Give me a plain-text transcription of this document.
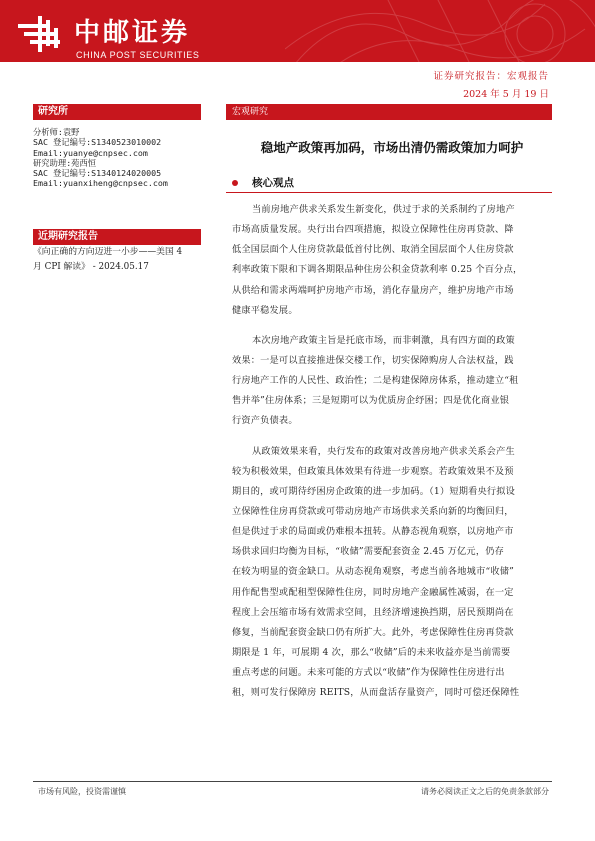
中邮证券
CHINA POST SECURITIES
证券研究报告：宏观报告
2024 年 5 月 19 日
研究所
分析师:袁野
SAC 登记编号:S1340523010002
Email:yuanye@cnpsec.com
研究助理:苑西恒
SAC 登记编号:S1340124020005
Email:yuanxiheng@cnpsec.com
近期研究报告
《向正确的方向迈进一小步——美国 4
月 CPI 解读》 - 2024.05.17
宏观研究
稳地产政策再加码，市场出清仍需政策加力呵护
核心观点
当前房地产供求关系发生新变化，供过于求的关系制约了房地产
市场高质量发展。央行出台四项措施，拟设立保障性住房再贷款、降
低全国层面个人住房贷款最低首付比例、取消全国层面个人住房贷款
利率政策下限和下调各期限品种住房公积金贷款利率 0.25 个百分点，
从供给和需求两端呵护房地产市场，消化存量房产，维护房地产市场
健康平稳发展。
本次房地产政策主旨是托底市场，而非刺激，具有四方面的政策
效果：一是可以直接推进保交楼工作，切实保障购房人合法权益，践
行房地产工作的人民性、政治性；二是构建保障房体系，推动建立“租
售并举”住房体系；三是短期可以为优质房企纾困；四是优化商业银
行资产负债表。
从政策效果来看，央行发布的政策对改善房地产供求关系会产生
较为积极效果，但政策具体效果有待进一步观察。若政策效果不及预
期目的，或可期待纾困房企政策的进一步加码。（1）短期看央行拟设
立保障性住房再贷款或可带动房地产市场供求关系向新的均衡回归，
但是供过于求的局面或仍难根本扭转。从静态视角观察，以房地产市
场供求回归均衡为目标，“收储”需要配套资金 2.45 万亿元，仍存
在较为明显的资金缺口。从动态视角观察，考虑当前各地城市“收储”
用作配售型或配租型保障性住房，同时房地产金融属性减弱，在一定
程度上会压缩市场有效需求空间，且经济增速换挡期，居民预期尚在
修复，当前配套资金缺口仍有所扩大。此外，考虑保障性住房再贷款
期限是 1 年，可展期 4 次，那么“收储”后的未来收益亦是当前需要
重点考虑的问题。未来可能的方式以“收储”作为保障性住房进行出
租，则可发行保障房 REITS，从而盘活存量资产，同时可偿还保障性
市场有风险，投资需谨慎	请务必阅读正文之后的免责条款部分
